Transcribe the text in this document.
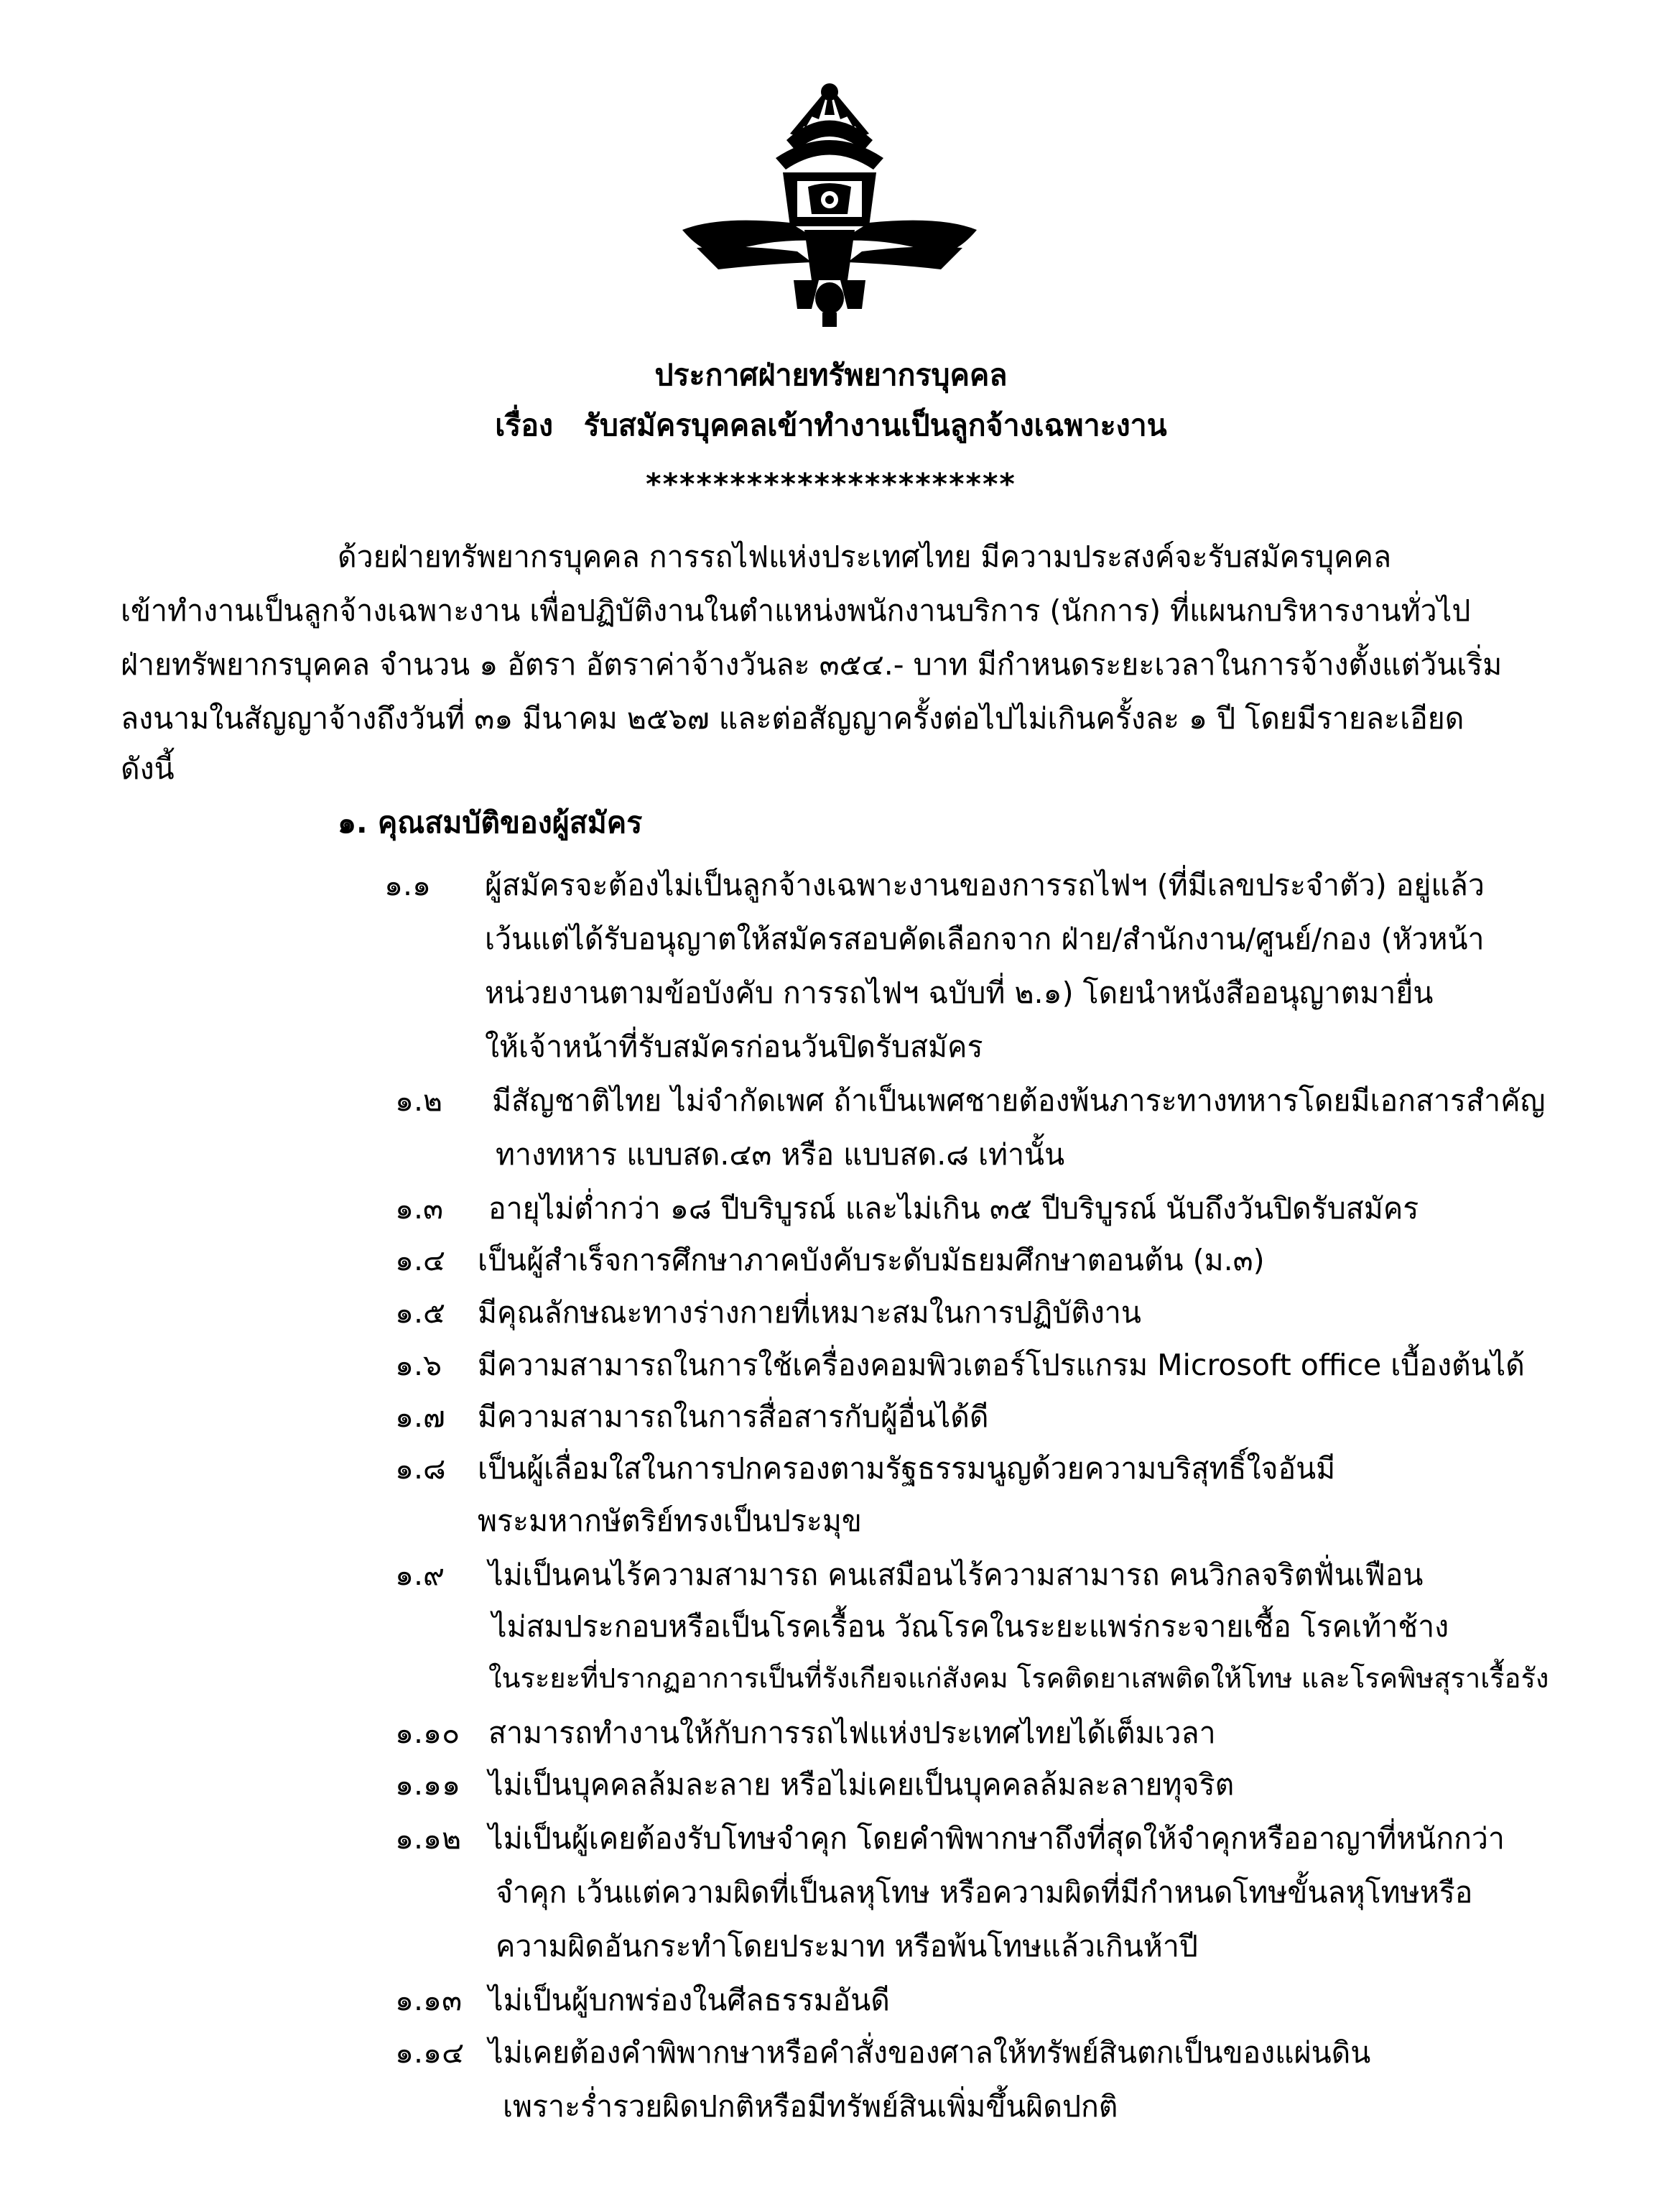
ประกาศฝ่ายทรัพยากรบุคคล
เรื่อง รับสมัครบุคคลเข้าทำงานเป็นลูกจ้างเฉพาะงาน
**********************
ด้วยฝ่ายทรัพยากรบุคคล การรถไฟแห่งประเทศไทย มีความประสงค์จะรับสมัครบุคคล
เข้าทำงานเป็นลูกจ้างเฉพาะงาน เพื่อปฏิบัติงานในตำแหน่งพนักงานบริการ (นักการ) ที่แผนกบริหารงานทั่วไป
ฝ่ายทรัพยากรบุคคล จำนวน ๑ อัตรา อัตราค่าจ้างวันละ ๓๕๔.- บาท มีกำหนดระยะเวลาในการจ้างตั้งแต่วันเริ่ม
ลงนามในสัญญาจ้างถึงวันที่ ๓๑ มีนาคม ๒๕๖๗ และต่อสัญญาครั้งต่อไปไม่เกินครั้งละ ๑ ปี โดยมีรายละเอียด
ดังนี้
๑. คุณสมบัติของผู้สมัคร
๑.๑ ผู้สมัครจะต้องไม่เป็นลูกจ้างเฉพาะงานของการรถไฟฯ (ที่มีเลขประจำตัว) อยู่แล้ว
เว้นแต่ได้รับอนุญาตให้สมัครสอบคัดเลือกจาก ฝ่าย/สำนักงาน/ศูนย์/กอง (หัวหน้า
หน่วยงานตามข้อบังคับ การรถไฟฯ ฉบับที่ ๒.๑) โดยนำหนังสืออนุญาตมายื่น
ให้เจ้าหน้าที่รับสมัครก่อนวันปิดรับสมัคร
๑.๒ มีสัญชาติไทย ไม่จำกัดเพศ ถ้าเป็นเพศชายต้องพ้นภาระทางทหารโดยมีเอกสารสำคัญ
ทางทหาร แบบสด.๔๓ หรือ แบบสด.๘ เท่านั้น
๑.๓ อายุไม่ต่ำกว่า ๑๘ ปีบริบูรณ์ และไม่เกิน ๓๕ ปีบริบูรณ์ นับถึงวันปิดรับสมัคร
๑.๔ เป็นผู้สำเร็จการศึกษาภาคบังคับระดับมัธยมศึกษาตอนต้น (ม.๓)
๑.๕ มีคุณลักษณะทางร่างกายที่เหมาะสมในการปฏิบัติงาน
๑.๖ มีความสามารถในการใช้เครื่องคอมพิวเตอร์โปรแกรม Microsoft office เบื้องต้นได้
๑.๗ มีความสามารถในการสื่อสารกับผู้อื่นได้ดี
๑.๘ เป็นผู้เลื่อมใสในการปกครองตามรัฐธรรมนูญด้วยความบริสุทธิ์ใจอันมี
พระมหากษัตริย์ทรงเป็นประมุข
๑.๙ ไม่เป็นคนไร้ความสามารถ คนเสมือนไร้ความสามารถ คนวิกลจริตฟั่นเฟือน
ไม่สมประกอบหรือเป็นโรคเรื้อน วัณโรคในระยะแพร่กระจายเชื้อ โรคเท้าช้าง
ในระยะที่ปรากฏอาการเป็นที่รังเกียจแก่สังคม โรคติดยาเสพติดให้โทษ และโรคพิษสุราเรื้อรัง
๑.๑๐ สามารถทำงานให้กับการรถไฟแห่งประเทศไทยได้เต็มเวลา
๑.๑๑ ไม่เป็นบุคคลล้มละลาย หรือไม่เคยเป็นบุคคลล้มละลายทุจริต
๑.๑๒ ไม่เป็นผู้เคยต้องรับโทษจำคุก โดยคำพิพากษาถึงที่สุดให้จำคุกหรืออาญาที่หนักกว่า
จำคุก เว้นแต่ความผิดที่เป็นลหุโทษ หรือความผิดที่มีกำหนดโทษขั้นลหุโทษหรือ
ความผิดอันกระทำโดยประมาท หรือพ้นโทษแล้วเกินห้าปี
๑.๑๓ ไม่เป็นผู้บกพร่องในศีลธรรมอันดี
๑.๑๔ ไม่เคยต้องคำพิพากษาหรือคำสั่งของศาลให้ทรัพย์สินตกเป็นของแผ่นดิน
เพราะร่ำรวยผิดปกติหรือมีทรัพย์สินเพิ่มขึ้นผิดปกติ
